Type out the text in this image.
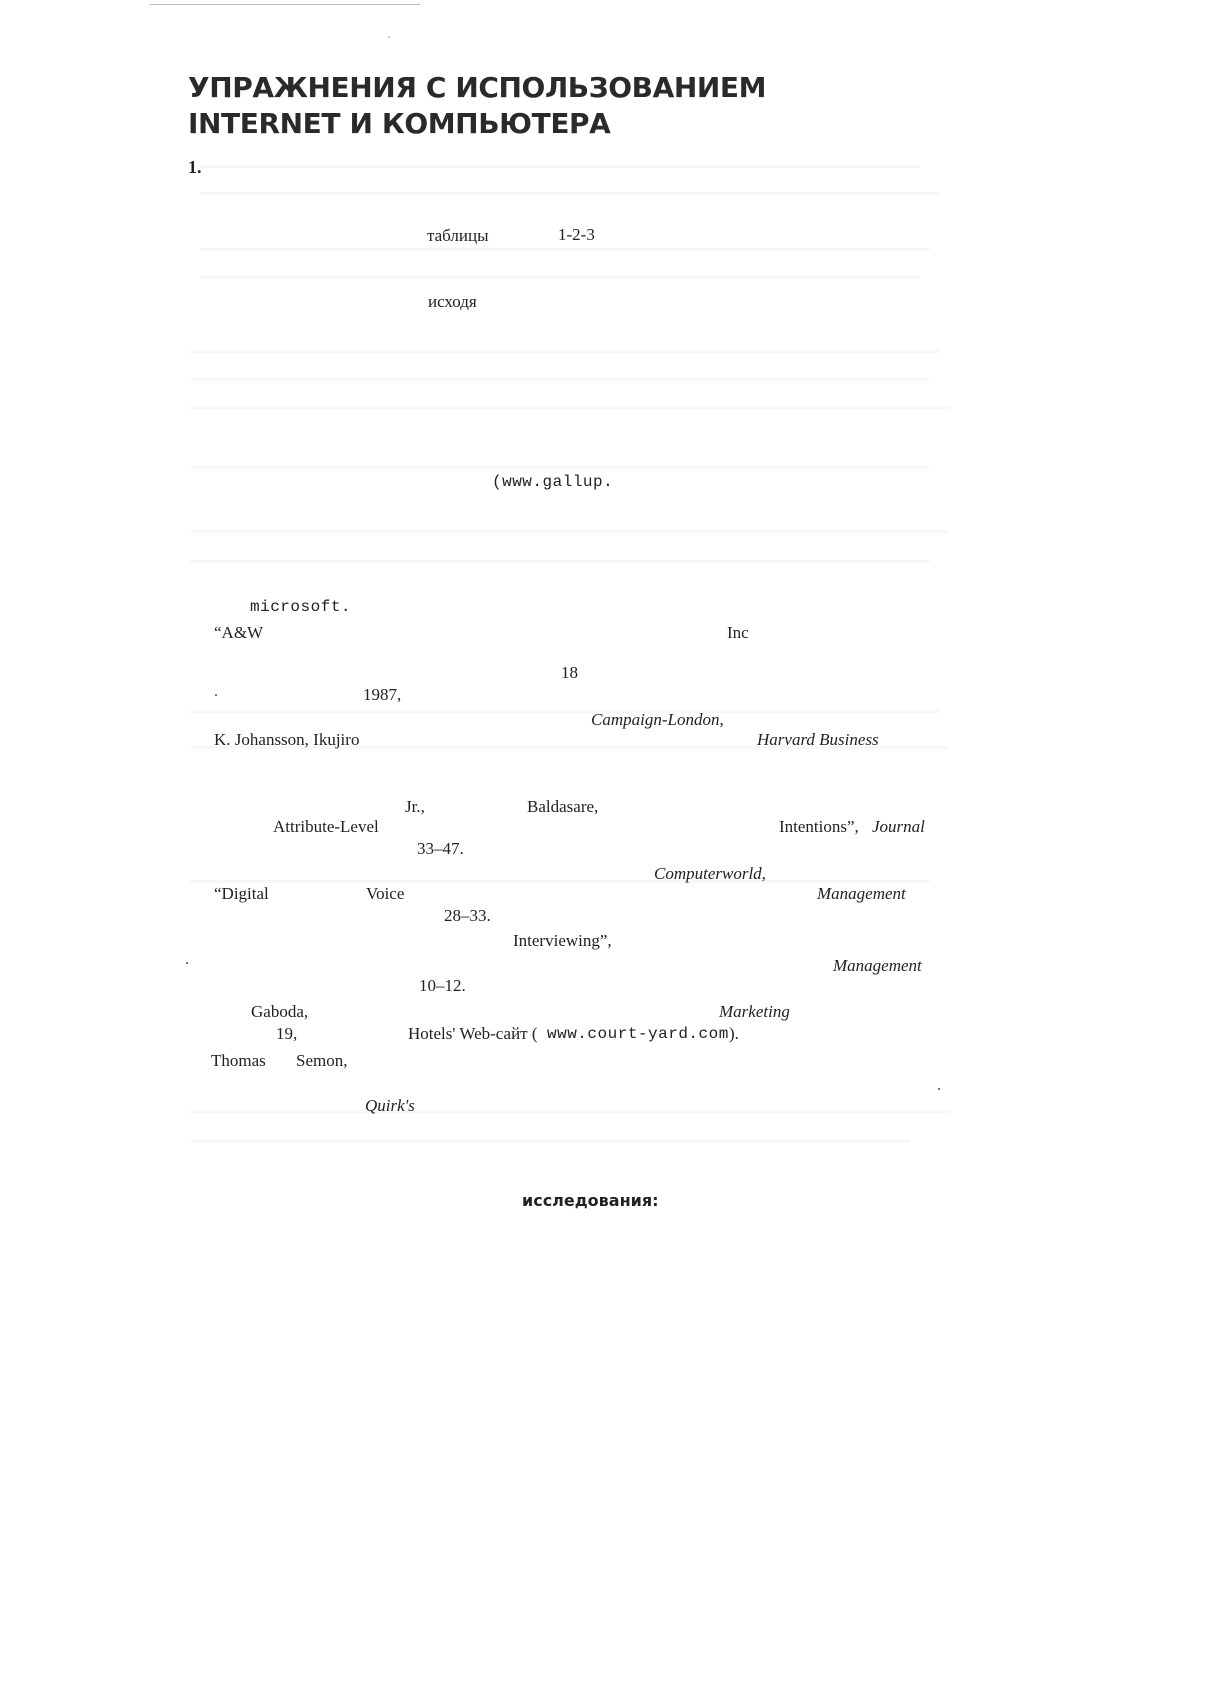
УПРАЖНЕНИЯ С ИСПОЛЬЗОВАНИЕМ
INTERNET И КОМПЬЮТЕРА
1.
таблицы	1-2-3
исходя
(www.gallup.
microsoft.
“A&W	Inc
18
1987,
Campaign-London,
K. Johansson, Ikujiro	Harvard Business
Jr.,	Baldasare,
Attribute-Level	Intentions”, Journal
33–47.
Computerworld,
“Digital	Voice	Management
28–33.
Interviewing”,
Management
10–12.
Gaboda,	Marketing
19,	Hotels' Web-сайт ( www.court-yard.com ).
Thomas Semon,
Quirk's
исследования:
